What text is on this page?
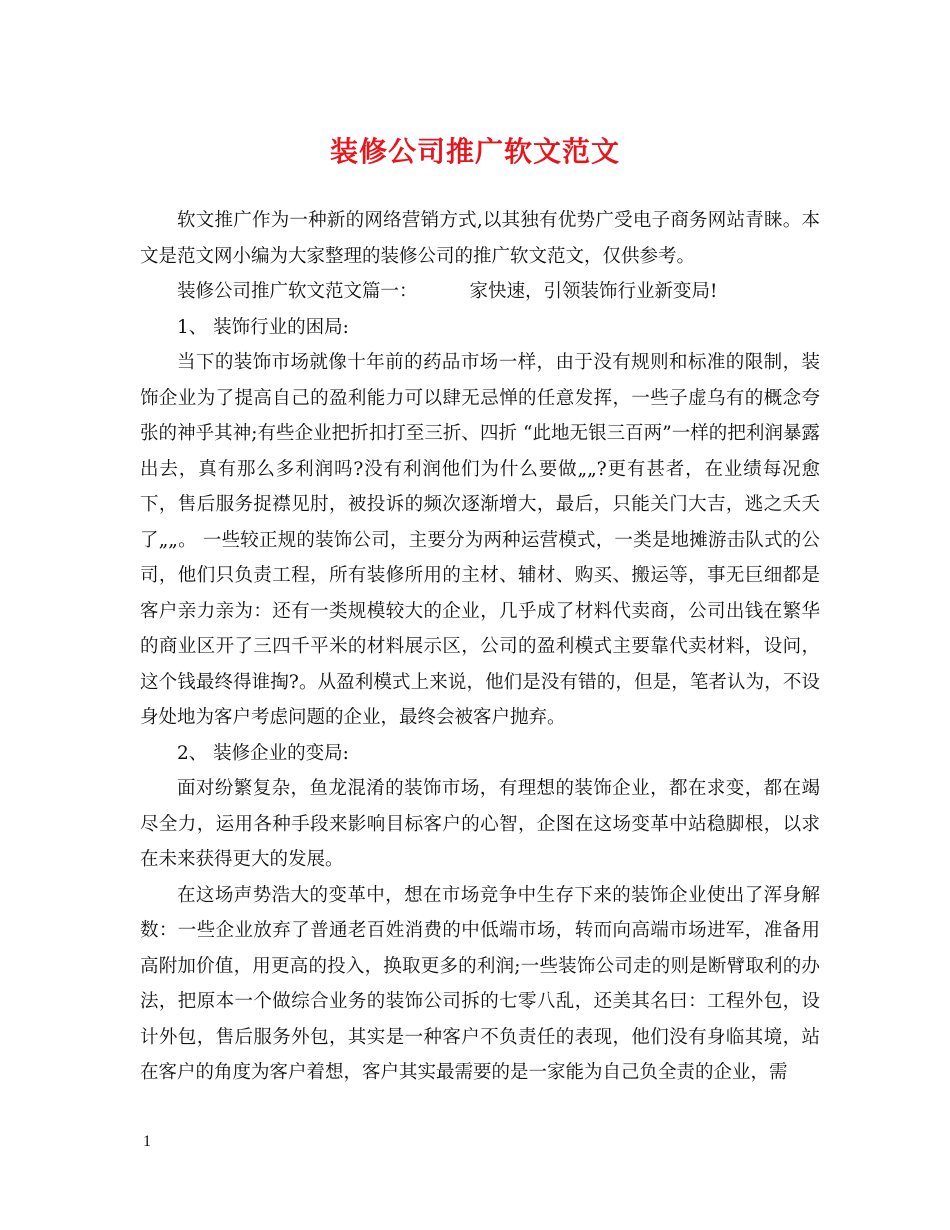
装修公司推广软文范文

软文推广作为一种新的网络营销方式,以其独有优势广受电子商务网站青睐。本文是范文网小编为大家整理的装修公司的推广软文范文，仅供参考。

装修公司推广软文范文篇一：	家快速，引领装饰行业新变局!

1、 装饰行业的困局:

当下的装饰市场就像十年前的药品市场一样，由于没有规则和标准的限制，装饰企业为了提高自己的盈利能力可以肆无忌惮的任意发挥，一些子虚乌有的概念夸张的神乎其神;有些企业把折扣打至三折、四折 “此地无银三百两”一样的把利润暴露出去，真有那么多利润吗?没有利润他们为什么要做„„?更有甚者，在业绩每况愈下，售后服务捉襟见肘，被投诉的频次逐渐增大，最后，只能关门大吉，逃之夭夭了„„。 一些较正规的装饰公司，主要分为两种运营模式，一类是地摊游击队式的公司，他们只负责工程，所有装修所用的主材、辅材、购买、搬运等，事无巨细都是客户亲力亲为：还有一类规模较大的企业，几乎成了材料代卖商，公司出钱在繁华的商业区开了三四千平米的材料展示区，公司的盈利模式主要靠代卖材料，设问，这个钱最终得谁掏?。从盈利模式上来说，他们是没有错的，但是，笔者认为，不设身处地为客户考虑问题的企业，最终会被客户抛弃。

2、 装修企业的变局:

面对纷繁复杂，鱼龙混淆的装饰市场，有理想的装饰企业，都在求变，都在竭尽全力，运用各种手段来影响目标客户的心智，企图在这场变革中站稳脚根，以求在未来获得更大的发展。

在这场声势浩大的变革中，想在市场竞争中生存下来的装饰企业使出了浑身解数：一些企业放弃了普通老百姓消费的中低端市场，转而向高端市场进军，准备用高附加价值，用更高的投入，换取更多的利润;一些装饰公司走的则是断臂取利的办法，把原本一个做综合业务的装饰公司拆的七零八乱，还美其名曰：工程外包，设计外包，售后服务外包，其实是一种客户不负责任的表现，他们没有身临其境，站在客户的角度为客户着想，客户其实最需要的是一家能为自己负全责的企业，需

1
